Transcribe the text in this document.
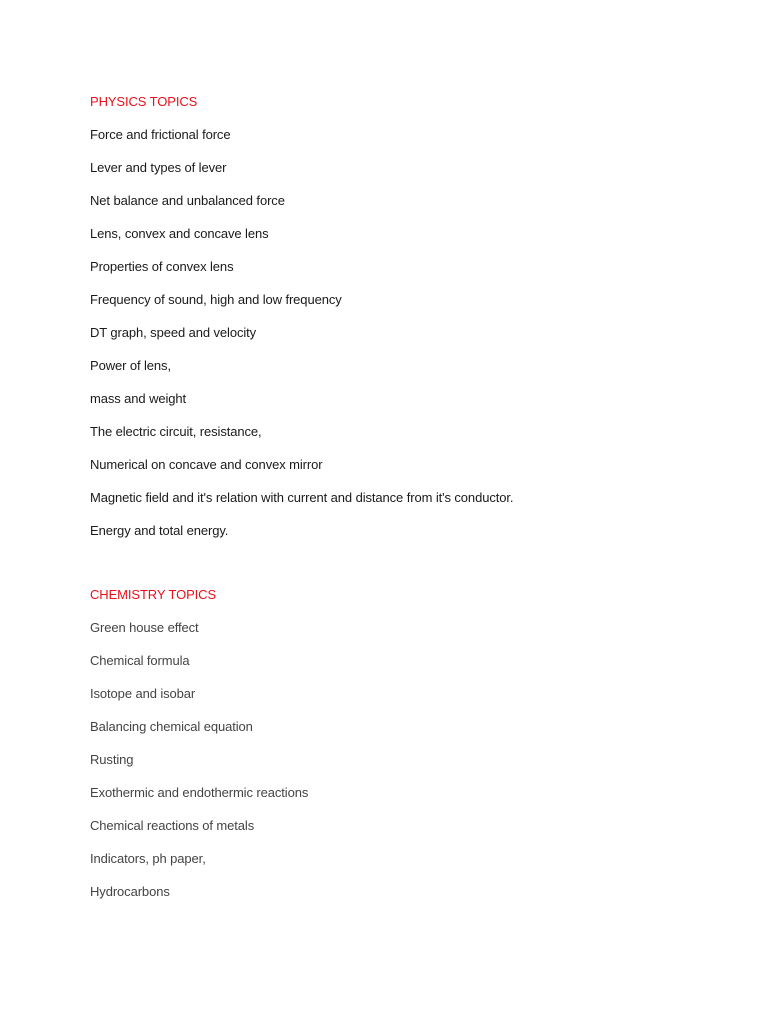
PHYSICS TOPICS
Force and frictional force
Lever and types of lever
Net balance and unbalanced force
Lens, convex and concave lens
Properties of convex lens
Frequency of sound, high and low frequency
DT graph, speed and velocity
Power of lens,
mass and weight
The electric circuit, resistance,
Numerical on concave and convex mirror
Magnetic field and it's relation with current and distance from it's conductor.
Energy and total energy.
CHEMISTRY TOPICS
Green house effect
Chemical formula
Isotope and isobar
Balancing chemical equation
Rusting
Exothermic and endothermic reactions
Chemical reactions of metals
Indicators, ph paper,
Hydrocarbons
